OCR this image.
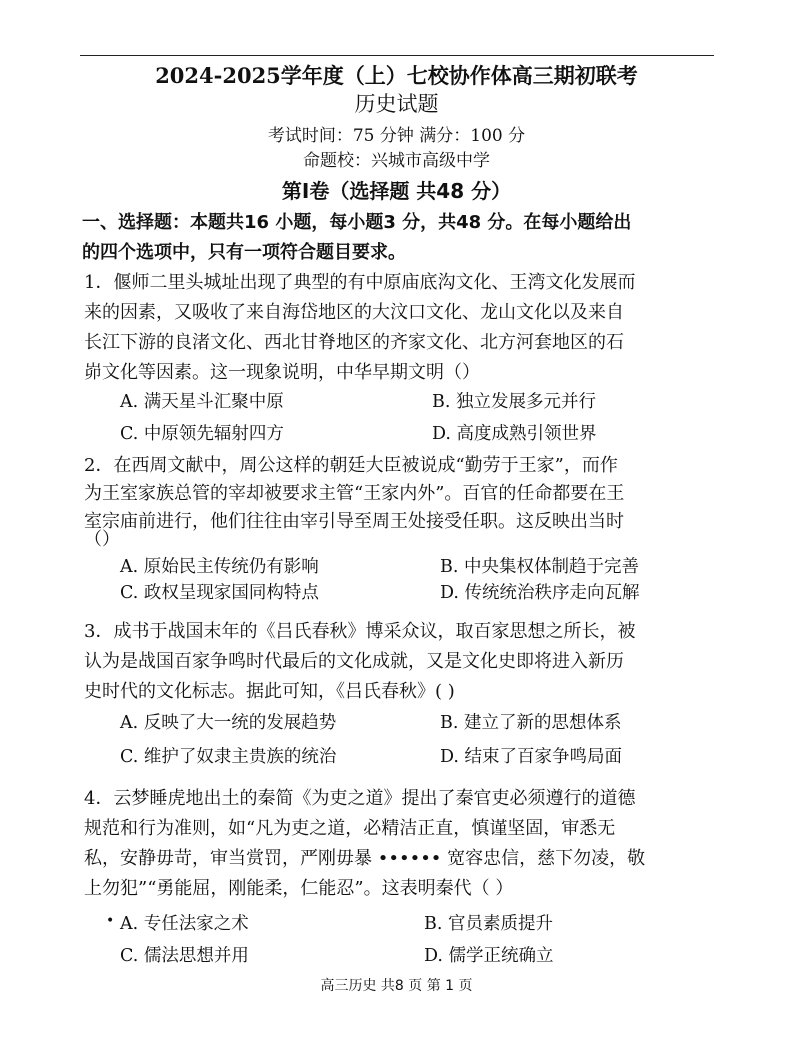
2024-2025学年度（上）七校协作体高三期初联考
历史试题
考试时间：75 分钟 满分：100 分
命题校：兴城市高级中学
第Ⅰ卷（选择题 共48 分）
一、选择题：本题共16 小题，每小题3 分，共48 分。在每小题给出
的四个选项中，只有一项符合题目要求。
1．偃师二里头城址出现了典型的有中原庙底沟文化、王湾文化发展而
来的因素，又吸收了来自海岱地区的大汶口文化、龙山文化以及来自
长江下游的良渚文化、西北甘脊地区的齐家文化、北方河套地区的石
峁文化等因素。这一现象说明，中华早期文明（）
A. 满天星斗汇聚中原	B. 独立发展多元并行
C. 中原领先辐射四方	D. 高度成熟引领世界
2．在西周文献中，周公这样的朝廷大臣被说成“勤劳于王家”，而作
为王室家族总管的宰却被要求主管“王家内外”。百官的任命都要在王
室宗庙前进行，他们往往由宰引导至周王处接受任职。这反映出当时
（）
A. 原始民主传统仍有影响	B. 中央集权体制趋于完善
C. 政权呈现家国同构特点	D. 传统统治秩序走向瓦解
3．成书于战国末年的《吕氏春秋》博采众议，取百家思想之所长，被
认为是战国百家争鸣时代最后的文化成就，又是文化史即将进入新历
史时代的文化标志。据此可知，《吕氏春秋》( )
A. 反映了大一统的发展趋势	B. 建立了新的思想体系
C. 维护了奴隶主贵族的统治	D. 结束了百家争鸣局面
4．云梦睡虎地出土的秦简《为吏之道》提出了秦官吏必须遵行的道德
规范和行为准则，如“凡为吏之道，必精洁正直，慎谨坚固，审悉无
私，安静毋苛，审当赏罚，严刚毋暴 •••••• 宽容忠信，慈下勿凌，敬
上勿犯”“勇能屈，刚能柔，仁能忍”。这表明秦代（ ）
• A. 专任法家之术	B. 官员素质提升
C. 儒法思想并用	D. 儒学正统确立
高三历史 共8 页 第 1 页
